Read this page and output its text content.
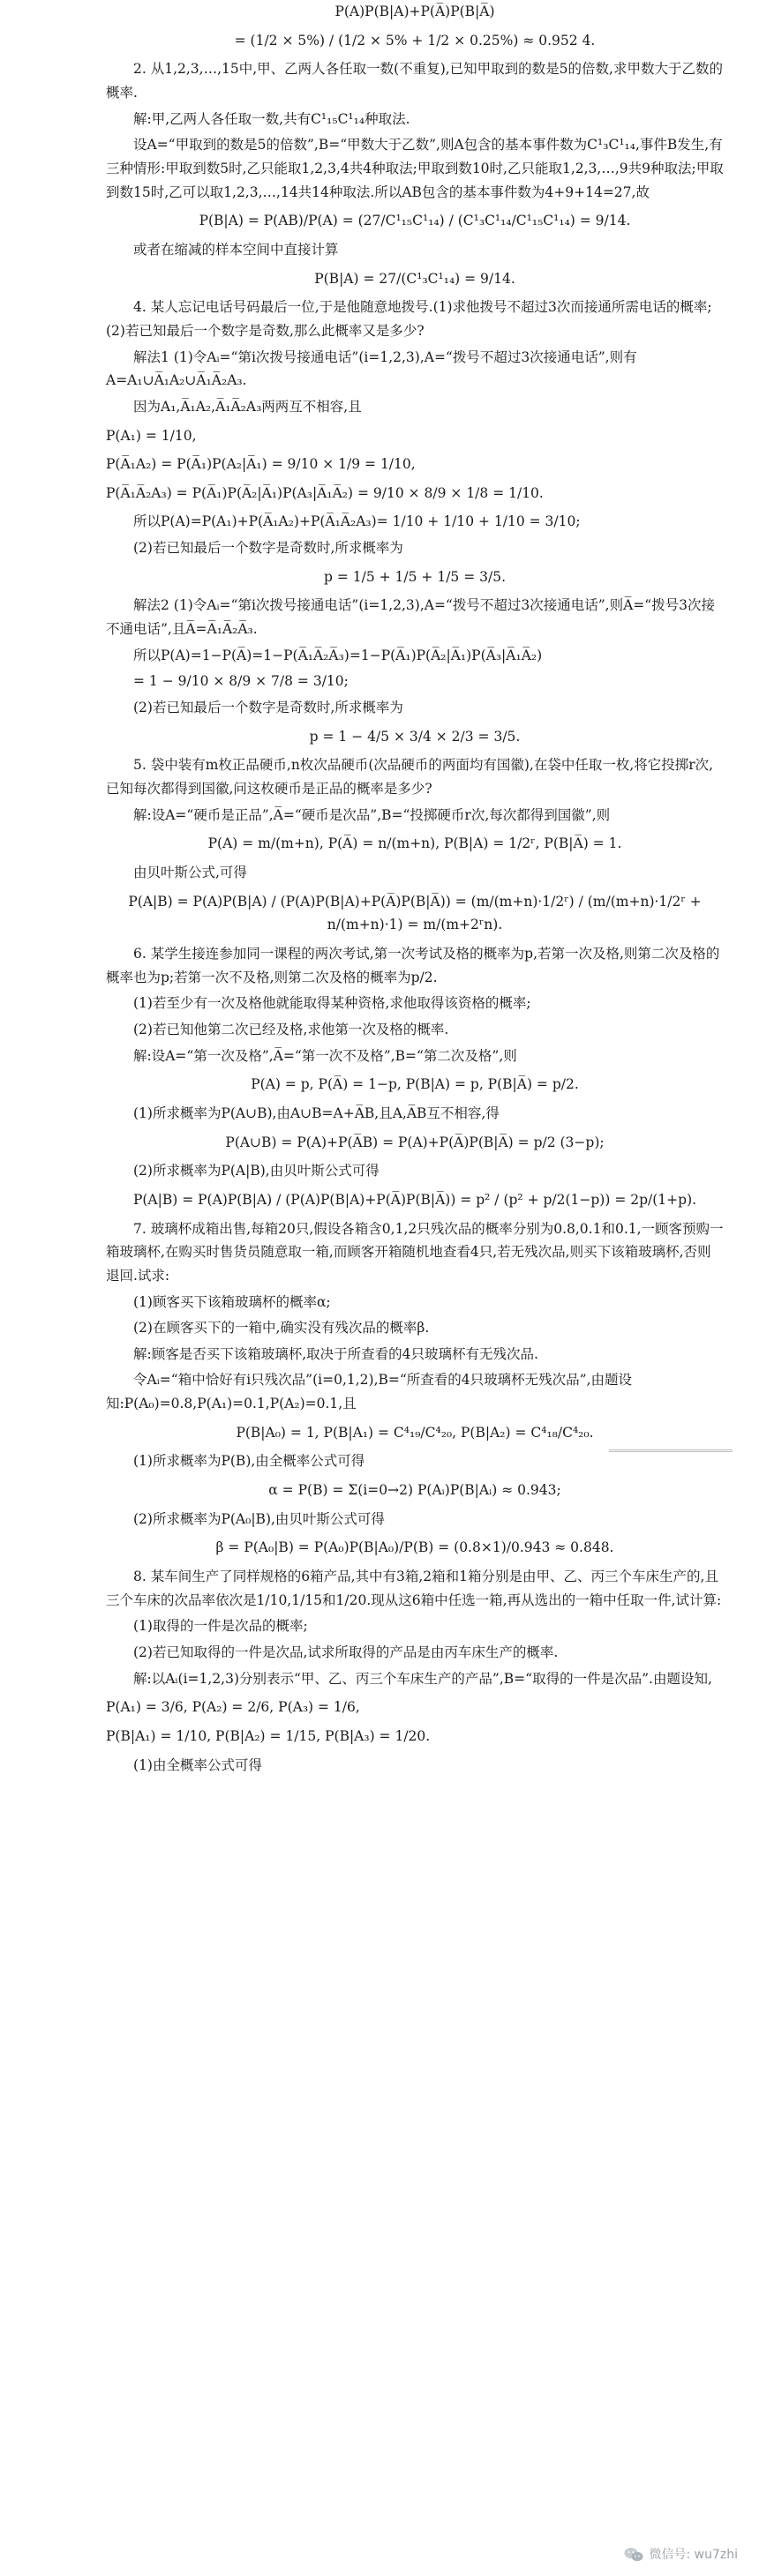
P(A)P(B|A)+P(A̅)P(B|A̅)
= (1/2 × 5%) / (1/2 × 5% + 1/2 × 0.25%) ≈ 0.952 4.
2. 从1,2,3,…,15中,甲、乙两人各任取一数(不重复),已知甲取到的数是5的倍数,求甲数大于乙数的概率.
解:甲,乙两人各任取一数,共有C¹₁₅C¹₁₄种取法.
设A=“甲取到的数是5的倍数”,B=“甲数大于乙数”,则A包含的基本事件数为C¹₃C¹₁₄,事件B发生,有三种情形:甲取到数5时,乙只能取1,2,3,4共4种取法;甲取到数10时,乙只能取1,2,3,…,9共9种取法;甲取到数15时,乙可以取1,2,3,…,14共14种取法.所以AB包含的基本事件数为4+9+14=27,故
P(B|A) = P(AB)/P(A) = (27/C¹₁₅C¹₁₄) / (C¹₃C¹₁₄/C¹₁₅C¹₁₄) = 9/14.
或者在缩减的样本空间中直接计算
P(B|A) = 27/(C¹₃C¹₁₄) = 9/14.
4. 某人忘记电话号码最后一位,于是他随意地拨号.(1)求他拨号不超过3次而接通所需电话的概率;(2)若已知最后一个数字是奇数,那么此概率又是多少?
解法1 (1)令Aᵢ=“第i次拨号接通电话”(i=1,2,3),A=“拨号不超过3次接通电话”,则有A=A₁∪A̅₁A₂∪A̅₁A̅₂A₃.
因为A₁,A̅₁A₂,A̅₁A̅₂A₃两两互不相容,且
P(A₁) = 1/10,
P(A̅₁A₂) = P(A̅₁)P(A₂|A̅₁) = 9/10 × 1/9 = 1/10,
P(A̅₁A̅₂A₃) = P(A̅₁)P(A̅₂|A̅₁)P(A₃|A̅₁A̅₂) = 9/10 × 8/9 × 1/8 = 1/10.
所以P(A)=P(A₁)+P(A̅₁A₂)+P(A̅₁A̅₂A₃)= 1/10 + 1/10 + 1/10 = 3/10;
(2)若已知最后一个数字是奇数时,所求概率为
p = 1/5 + 1/5 + 1/5 = 3/5.
解法2 (1)令Aᵢ=“第i次拨号接通电话”(i=1,2,3),A=“拨号不超过3次接通电话”,则A̅=“拨号3次接不通电话”,且A̅=A̅₁A̅₂A̅₃.
所以P(A)=1−P(A̅)=1−P(A̅₁A̅₂A̅₃)=1−P(A̅₁)P(A̅₂|A̅₁)P(A̅₃|A̅₁A̅₂)
= 1 − 9/10 × 8/9 × 7/8 = 3/10;
(2)若已知最后一个数字是奇数时,所求概率为
p = 1 − 4/5 × 3/4 × 2/3 = 3/5.
5. 袋中装有m枚正品硬币,n枚次品硬币(次品硬币的两面均有国徽),在袋中任取一枚,将它投掷r次,已知每次都得到国徽,问这枚硬币是正品的概率是多少?
解:设A=“硬币是正品”,A̅=“硬币是次品”,B=“投掷硬币r次,每次都得到国徽”,则
P(A) = m/(m+n), P(A̅) = n/(m+n), P(B|A) = 1/2ʳ, P(B|A̅) = 1.
由贝叶斯公式,可得
P(A|B) = P(A)P(B|A) / (P(A)P(B|A)+P(A̅)P(B|A̅)) = (m/(m+n)·1/2ʳ) / (m/(m+n)·1/2ʳ + n/(m+n)·1) = m/(m+2ʳn).
6. 某学生接连参加同一课程的两次考试,第一次考试及格的概率为p,若第一次及格,则第二次及格的概率也为p;若第一次不及格,则第二次及格的概率为p/2.
(1)若至少有一次及格他就能取得某种资格,求他取得该资格的概率;
(2)若已知他第二次已经及格,求他第一次及格的概率.
解:设A=“第一次及格”,A̅=“第一次不及格”,B=“第二次及格”,则
P(A) = p, P(A̅) = 1−p, P(B|A) = p, P(B|A̅) = p/2.
(1)所求概率为P(A∪B),由A∪B=A+A̅B,且A,A̅B互不相容,得
P(A∪B) = P(A)+P(A̅B) = P(A)+P(A̅)P(B|A̅) = p/2 (3−p);
(2)所求概率为P(A|B),由贝叶斯公式可得
P(A|B) = P(A)P(B|A) / (P(A)P(B|A)+P(A̅)P(B|A̅)) = p² / (p² + p/2(1−p)) = 2p/(1+p).
7. 玻璃杯成箱出售,每箱20只,假设各箱含0,1,2只残次品的概率分别为0.8,0.1和0.1,一顾客预购一箱玻璃杯,在购买时售货员随意取一箱,而顾客开箱随机地查看4只,若无残次品,则买下该箱玻璃杯,否则退回.试求:
(1)顾客买下该箱玻璃杯的概率α;
(2)在顾客买下的一箱中,确实没有残次品的概率β.
解:顾客是否买下该箱玻璃杯,取决于所查看的4只玻璃杯有无残次品.
令Aᵢ=“箱中恰好有i只残次品”(i=0,1,2),B=“所查看的4只玻璃杯无残次品”,由题设知:P(A₀)=0.8,P(A₁)=0.1,P(A₂)=0.1,且
P(B|A₀) = 1, P(B|A₁) = C⁴₁₉/C⁴₂₀, P(B|A₂) = C⁴₁₈/C⁴₂₀.
(1)所求概率为P(B),由全概率公式可得
α = P(B) = Σ(i=0→2) P(Aᵢ)P(B|Aᵢ) ≈ 0.943;
(2)所求概率为P(A₀|B),由贝叶斯公式可得
β = P(A₀|B) = P(A₀)P(B|A₀)/P(B) = (0.8×1)/0.943 ≈ 0.848.
8. 某车间生产了同样规格的6箱产品,其中有3箱,2箱和1箱分别是由甲、乙、丙三个车床生产的,且三个车床的次品率依次是1/10,1/15和1/20.现从这6箱中任选一箱,再从选出的一箱中任取一件,试计算:
(1)取得的一件是次品的概率;
(2)若已知取得的一件是次品,试求所取得的产品是由丙车床生产的概率.
解:以Aᵢ(i=1,2,3)分别表示“甲、乙、丙三个车床生产的产品”,B=“取得的一件是次品”.由题设知,
P(A₁) = 3/6, P(A₂) = 2/6, P(A₃) = 1/6,
P(B|A₁) = 1/10, P(B|A₂) = 1/15, P(B|A₃) = 1/20.
(1)由全概率公式可得
微信号: wu7zhi
